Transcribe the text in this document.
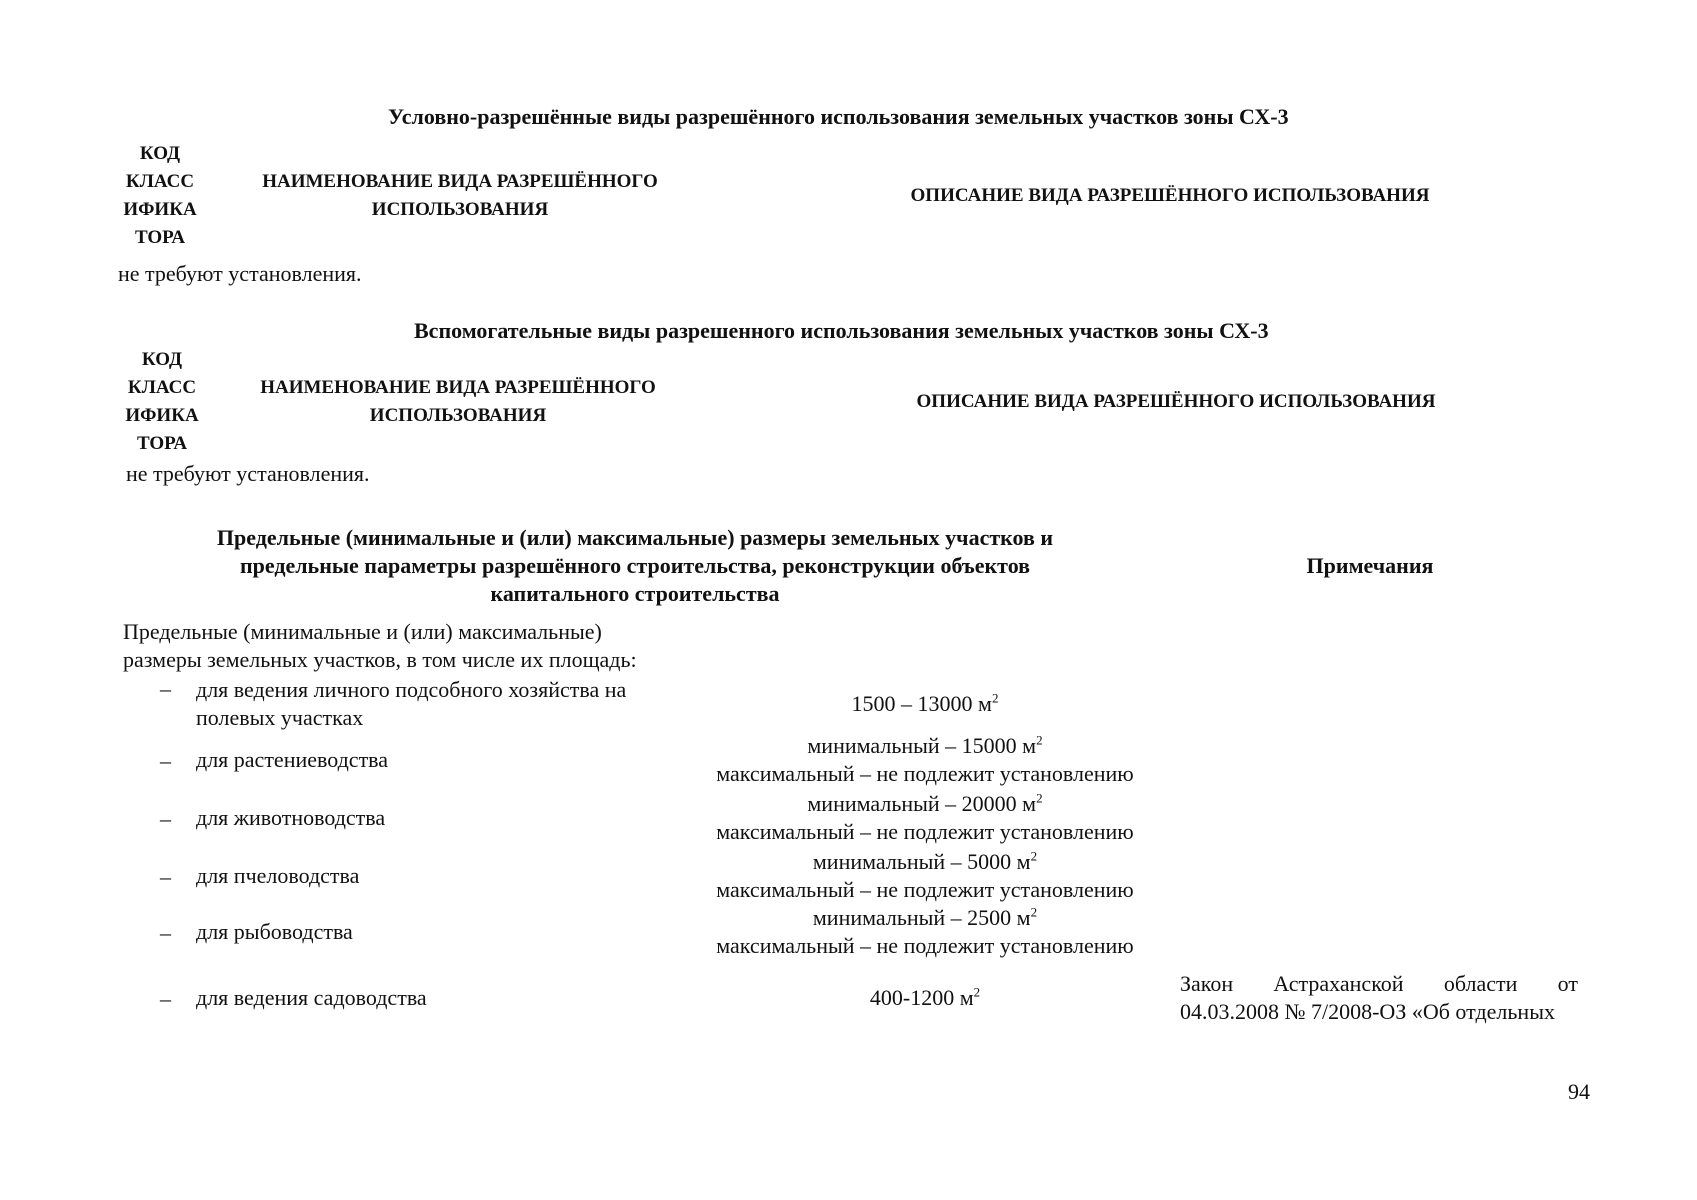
Условно-разрешённые виды разрешённого использования земельных участков зоны СХ-3
КОД
КЛАСС
ИФИКА
ТОРА
НАИМЕНОВАНИЕ ВИДА РАЗРЕШЁННОГО
ИСПОЛЬЗОВАНИЯ
ОПИСАНИЕ ВИДА РАЗРЕШЁННОГО ИСПОЛЬЗОВАНИЯ
не требуют установления.
Вспомогательные виды разрешенного использования земельных участков зоны СХ-3
КОД
КЛАСС
ИФИКА
ТОРА
НАИМЕНОВАНИЕ ВИДА РАЗРЕШЁННОГО
ИСПОЛЬЗОВАНИЯ
ОПИСАНИЕ ВИДА РАЗРЕШЁННОГО ИСПОЛЬЗОВАНИЯ
не требуют установления.
Предельные (минимальные и (или) максимальные) размеры земельных участков и
предельные параметры разрешённого строительства, реконструкции объектов
капитального строительства
Примечания
Предельные (минимальные и (или) максимальные)
размеры земельных участков, в том числе их площадь:
– для ведения личного подсобного хозяйства на
полевых участках
1500 – 13000 $м^2$
– для растениеводства
минимальный – 15000 $м^2$
максимальный – не подлежит установлению
– для животноводства
минимальный – 20000 $м^2$
максимальный – не подлежит установлению
– для пчеловодства
минимальный – 5000 $м^2$
максимальный – не подлежит установлению
– для рыбоводства
минимальный – 2500 $м^2$
максимальный – не подлежит установлению
– для ведения садоводства	400-1200 $м^2$	Закон Астраханской области от
04.03.2008 № 7/2008-ОЗ «Об отдельных
94
